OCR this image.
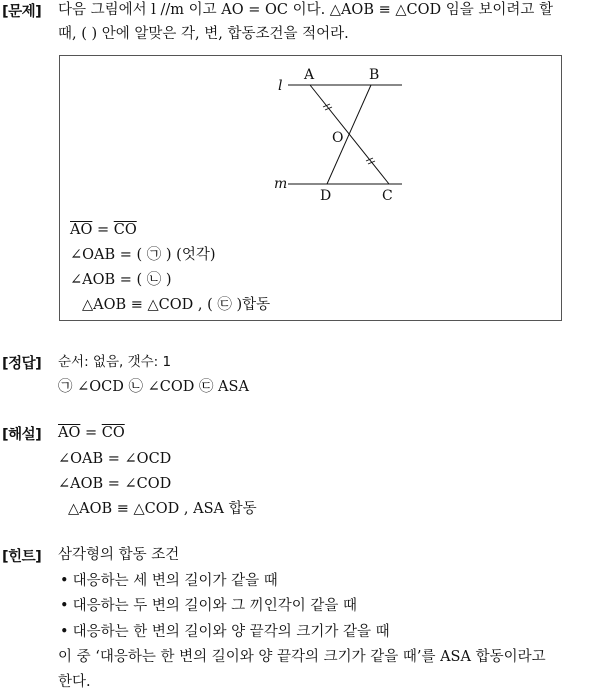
[문제] 다음 그림에서 l //m 이고 AO = OC 이다. △AOB ≡ △COD 임을 보이려고 할
때, ( ) 안에 알맞은 각, 변, 합동조건을 적어라.
l
m
A	B
O
D	C
$\overline{AO} = \overline{CO}$
∠OAB = ( ㉠ ) (엇각)
∠AOB = ( ㉡ )
△AOB ≡ △COD , ( ㉢ )합동
[정답] 순서: 없음, 갯수: 1
㉠ ∠OCD ㉡ ∠COD ㉢ ASA
[해설] $\overline{AO} = \overline{CO}$
∠OAB = ∠OCD
∠AOB = ∠COD
△AOB ≡ △COD , ASA 합동
[힌트] 삼각형의 합동 조건
• 대응하는 세 변의 길이가 같을 때
• 대응하는 두 변의 길이와 그 끼인각이 같을 때
• 대응하는 한 변의 길이와 양 끝각의 크기가 같을 때
이 중 ‘대응하는 한 변의 길이와 양 끝각의 크기가 같을 때’를 ASA 합동이라고
한다.
